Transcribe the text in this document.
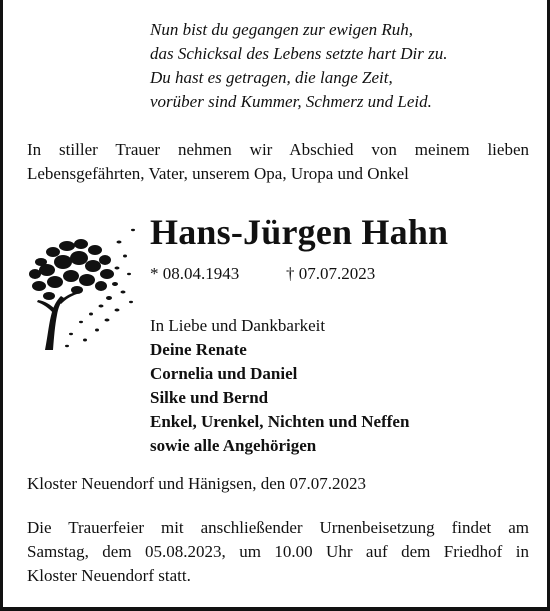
Nun bist du gegangen zur ewigen Ruh,
das Schicksal des Lebens setzte hart Dir zu.
Du hast es getragen, die lange Zeit,
vorüber sind Kummer, Schmerz und Leid.
In stiller Trauer nehmen wir Abschied von meinem lieben
Lebensgefährten, Vater, unserem Opa, Uropa und Onkel
Hans-Jürgen Hahn
* 08.04.1943	† 07.07.2023
In Liebe und Dankbarkeit
Deine Renate
Cornelia und Daniel
Silke und Bernd
Enkel, Urenkel, Nichten und Neffen
sowie alle Angehörigen
Kloster Neuendorf und Hänigsen, den 07.07.2023
Die Trauerfeier mit anschließender Urnenbeisetzung findet am
Samstag, dem 05.08.2023, um 10.00 Uhr auf dem Friedhof in
Kloster Neuendorf statt.
